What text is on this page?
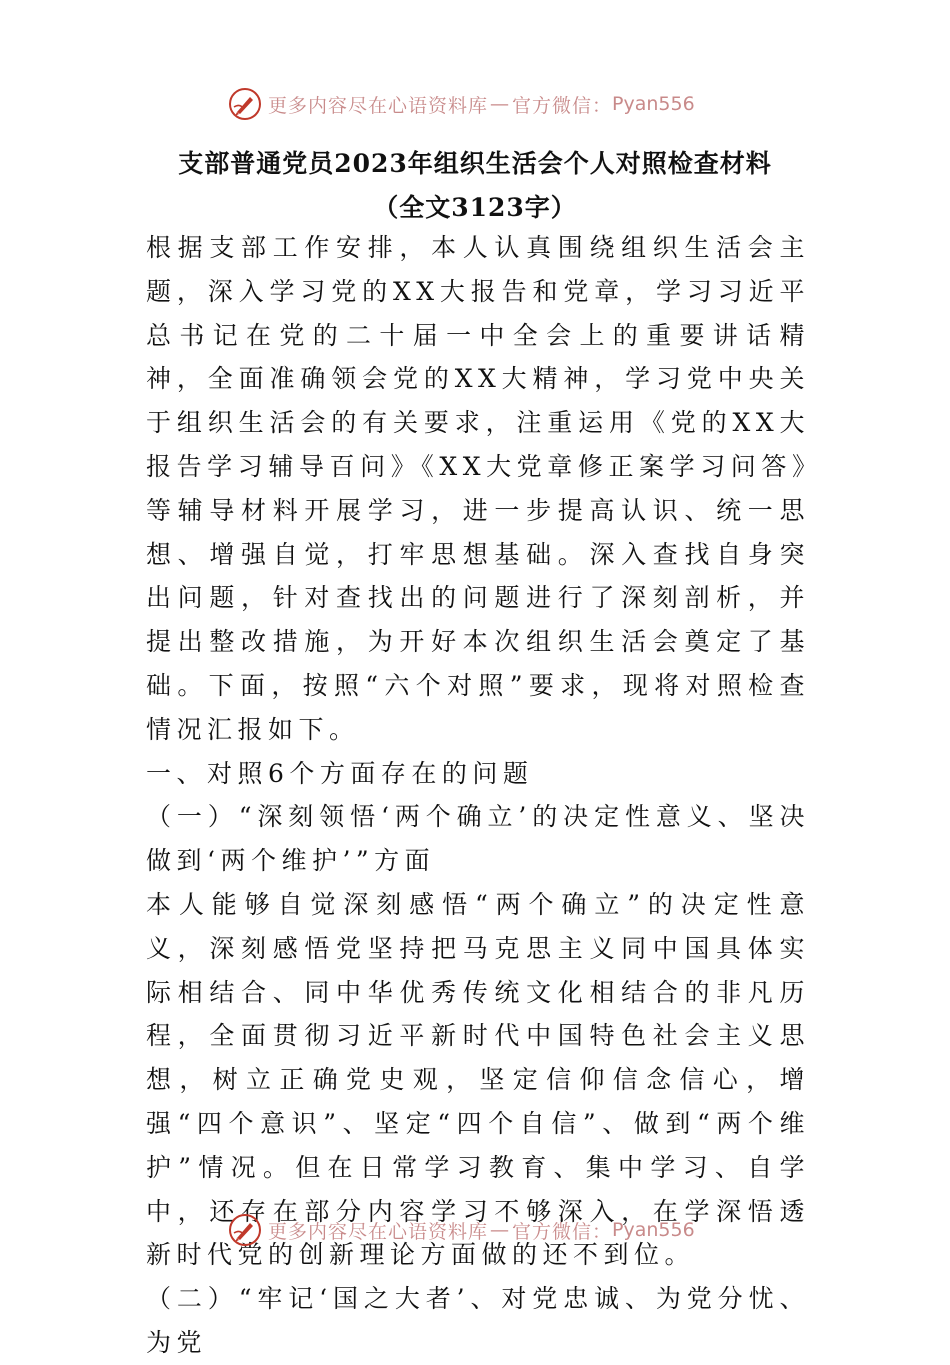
更多内容尽在心语资料库 — 官方微信： Pyan556
支部普通党员2023年组织生活会个人对照检查材料
（全文3123字）

根据支部工作安排，本人认真围绕组织生活会主题，深入学习党的XX大报告和党章，学习习近平总书记在党的二十届一中全会上的重要讲话精神，全面准确领会党的XX大精神，学习党中央关于组织生活会的有关要求，注重运用《党的XX大报告学习辅导百问》《XX大党章修正案学习问答》等辅导材料开展学习，进一步提高认识、统一思想、增强自觉，打牢思想基础。深入查找自身突出问题，针对查找出的问题进行了深刻剖析，并提出整改措施，为开好本次组织生活会奠定了基础。下面，按照“六个对照”要求，现将对照检查情况汇报如下。

一、对照6个方面存在的问题

（一）“深刻领悟‘两个确立’的决定性意义、坚决做到‘两个维护’”方面

本人能够自觉深刻感悟“两个确立”的决定性意义，深刻感悟党坚持把马克思主义同中国具体实际相结合、同中华优秀传统文化相结合的非凡历程，全面贯彻习近平新时代中国特色社会主义思想，树立正确党史观，坚定信仰信念信心，增强“四个意识”、坚定“四个自信”、做到“两个维护”情况。但在日常学习教育、集中学习、自学中，还存在部分内容学习不够深入，在学深悟透新时代党的创新理论方面做的还不到位。

（二）“牢记‘国之大者’、对党忠诚、为党分忧、为党

更多内容尽在心语资料库 — 官方微信： Pyan556
